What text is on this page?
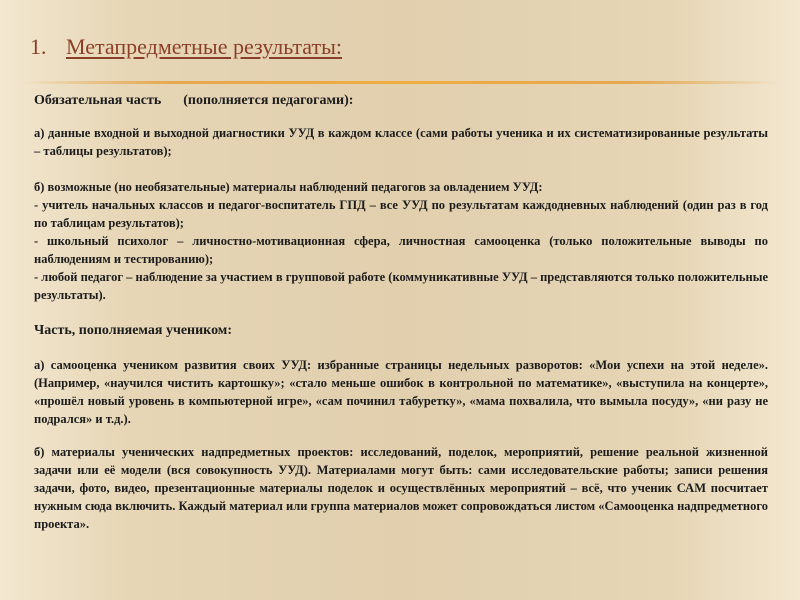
1. Метапредметные результаты:

Обязательная часть (пополняется педагогами):

а) данные входной и выходной диагностики УУД в каждом классе (сами работы ученика и их систематизированные результаты – таблицы результатов);

б) возможные (но необязательные) материалы наблюдений педагогов за овладением УУД:

- учитель начальных классов и педагог-воспитатель ГПД – все УУД по результатам каждодневных наблюдений (один раз в год по таблицам результатов);

- школьный психолог – личностно-мотивационная сфера, личностная самооценка (только положительные выводы по наблюдениям и тестированию);

- любой педагог – наблюдение за участием в групповой работе (коммуникативные УУД – представляются только положительные результаты).

Часть, пополняемая учеником:

а) самооценка учеником развития своих УУД: избранные страницы недельных разворотов: «Мои успехи на этой неделе». (Например, «научился чистить картошку»; «стало меньше ошибок в контрольной по математике», «выступила на концерте», «прошёл новый уровень в компьютерной игре», «сам починил табуретку», «мама похвалила, что вымыла посуду», «ни разу не подрался» и т.д.).

б) материалы ученических надпредметных проектов: исследований, поделок, мероприятий, решение реальной жизненной задачи или её модели (вся совокупность УУД). Материалами могут быть: сами исследовательские работы; записи решения задачи, фото, видео, презентационные материалы поделок и осуществлённых мероприятий – всё, что ученик САМ посчитает нужным сюда включить. Каждый материал или группа материалов может сопровождаться листом «Самооценка надпредметного проекта».
